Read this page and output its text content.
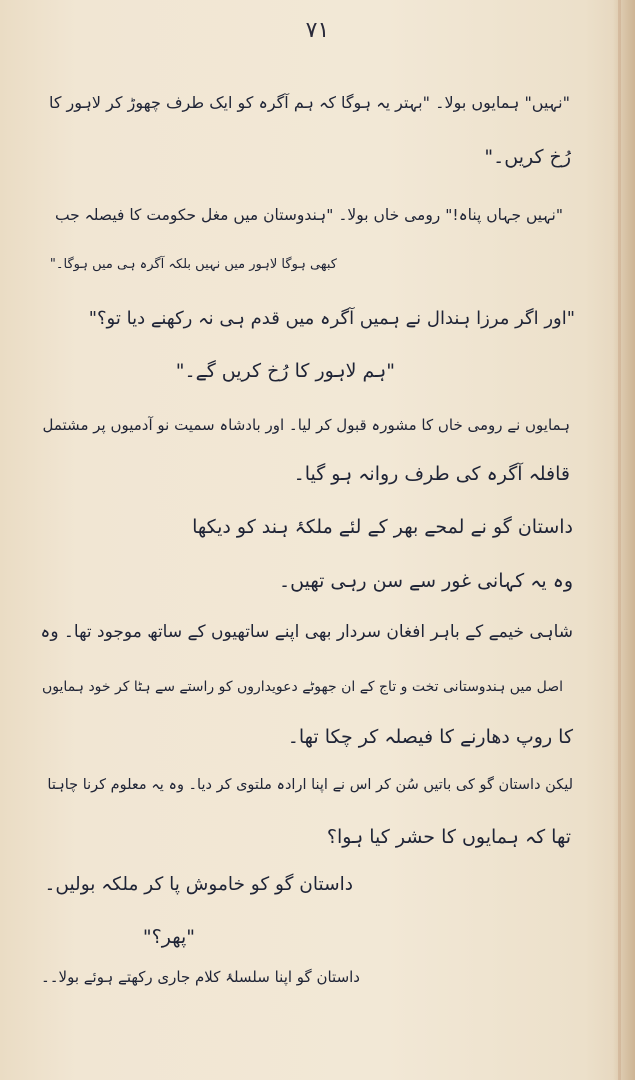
٧١
"نہیں" ہمایوں بولا۔ "بہتر یہ ہوگا کہ ہم آگرہ کو ایک طرف چھوڑ کر لاہور کا
رُخ کریں۔"
"نہیں جہاں پناہ!" رومی خاں بولا۔ "ہندوستان میں مغل حکومت کا فیصلہ جب
کبھی ہوگا لاہور میں نہیں بلکہ آگرہ ہی میں ہوگا۔"
"اور اگر مرزا ہندال نے ہمیں آگرہ میں قدم ہی نہ رکھنے دیا تو؟"
"ہم لاہور کا رُخ کریں گے۔"
ہمایوں نے رومی خاں کا مشورہ قبول کر لیا۔ اور بادشاہ سمیت نو آدمیوں پر مشتمل
قافلہ آگرہ کی طرف روانہ ہو گیا۔
داستان گو نے لمحے بھر کے لئے ملکۂ ہند کو دیکھا
وہ یہ کہانی غور سے سن رہی تھیں۔
شاہی خیمے کے باہر افغان سردار بھی اپنے ساتھیوں کے ساتھ موجود تھا۔ وہ
اصل میں ہندوستانی تخت و تاج کے ان جھوٹے دعویداروں کو راستے سے ہٹا کر خود ہمایوں
کا روپ دھارنے کا فیصلہ کر چکا تھا۔
لیکن داستان گو کی باتیں سُن کر اس نے اپنا ارادہ ملتوی کر دیا۔ وہ یہ معلوم کرنا چاہتا
تھا کہ ہمایوں کا حشر کیا ہوا؟
داستان گو کو خاموش پا کر ملکہ بولیں۔
"پھر؟"
داستان گو اپنا سلسلۂ کلام جاری رکھتے ہوئے بولا۔۔
